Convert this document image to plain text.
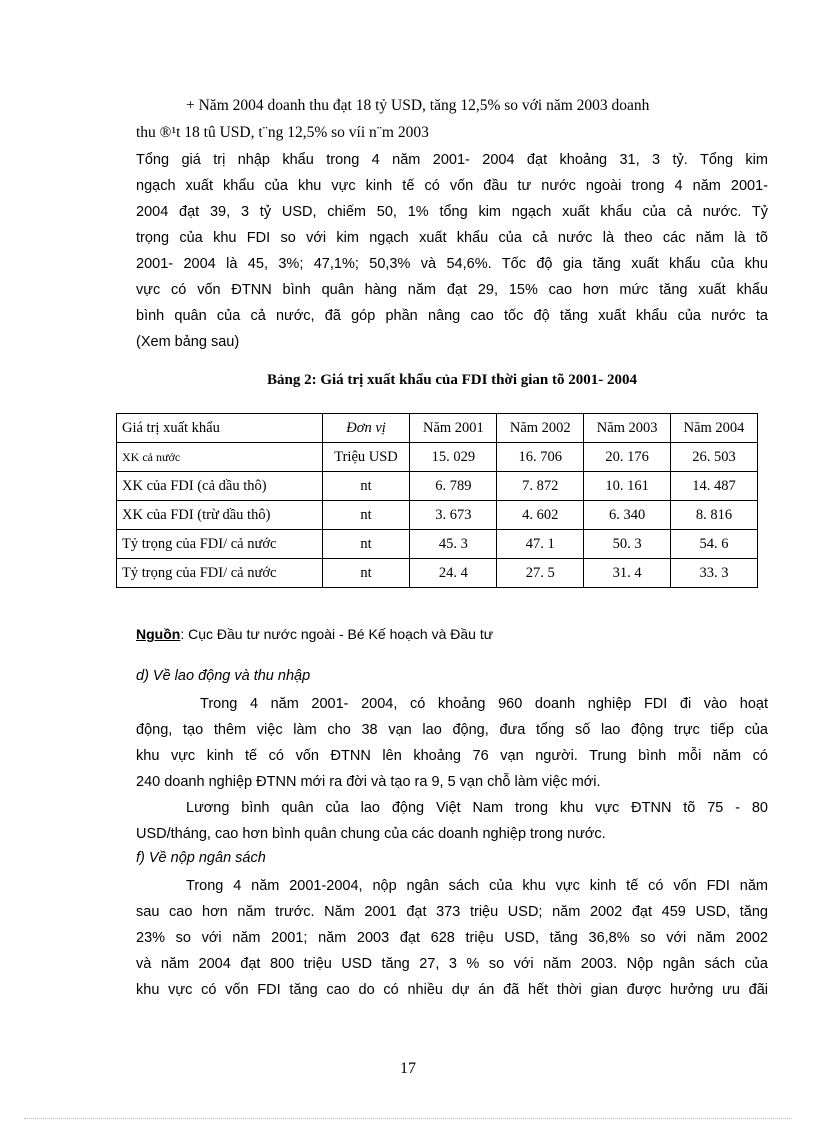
+ Năm 2004 doanh thu đạt 18 tỷ USD, tăng 12,5% so với năm 2003 doanh
thu ®¹t 18 tû USD, t¨ng 12,5% so víi n¨m 2003
Tổng giá trị nhập khẩu trong 4 năm 2001- 2004 đạt khoảng 31, 3 tỷ. Tổng kim
ngạch xuất khẩu của khu vực kinh tế có vốn đầu tư nước ngoài trong 4 năm 2001-
2004 đạt 39, 3 tỷ USD, chiếm 50, 1% tổng kim ngạch xuất khẩu của cả nước. Tỷ
trọng của khu FDI so với kim ngạch xuất khẩu của cả nước là theo các năm là tõ
2001- 2004 là 45, 3%; 47,1%; 50,3% và 54,6%. Tốc độ gia tăng xuất khẩu của khu
vực có vốn ĐTNN bình quân hàng năm đạt 29, 15% cao hơn mức tăng xuất khẩu
bình quân của cả nước, đã góp phần nâng cao tốc độ tăng xuất khẩu của nước ta
(Xem bảng sau)
Bảng 2: Giá trị xuất khẩu của FDI thời gian tõ 2001- 2004
Giá trị xuất khẩu	Đơn vị	Năm 2001	Năm 2002	Năm 2003	Năm 2004
XK cả nước	Triệu USD	15. 029	16. 706	20. 176	26. 503
XK của FDI (cả dầu thô)	nt	6. 789	7. 872	10. 161	14. 487
XK của FDI (trừ dầu thô)	nt	3. 673	4. 602	6. 340	8. 816
Tỷ trọng của FDI/ cả nước	nt	45. 3	47. 1	50. 3	54. 6
Tỷ trọng của FDI/ cả nước	nt	24. 4	27. 5	31. 4	33. 3
Nguồn: Cục Đầu tư nước ngoài - Bé Kế hoạch và Đầu tư
d) Về lao động và thu nhập
Trong 4 năm 2001- 2004, có khoảng 960 doanh nghiệp FDI đi vào hoạt
động, tạo thêm việc làm cho 38 vạn lao động, đưa tổng số lao động trực tiếp của
khu vực kinh tế có vốn ĐTNN lên khoảng 76 vạn người. Trung bình mỗi năm có
240 doanh nghiệp ĐTNN mới ra đời và tạo ra 9, 5 vạn chỗ làm việc mới.
Lương bình quân của lao động Việt Nam trong khu vực ĐTNN tõ 75 - 80
USD/tháng, cao hơn bình quân chung của các doanh nghiệp trong nước.
f) Về nộp ngân sách
Trong 4 năm 2001-2004, nộp ngân sách của khu vực kinh tế có vốn FDI năm
sau cao hơn năm trước. Năm 2001 đạt 373 triệu USD; năm 2002 đạt 459 USD, tăng
23% so với năm 2001; năm 2003 đạt 628 triệu USD, tăng 36,8% so với năm 2002
và năm 2004 đạt 800 triệu USD tăng 27, 3 % so với năm 2003. Nộp ngân sách của
khu vực có vốn FDI tăng cao do có nhiều dự án đã hết thời gian được hưởng ưu đãi
17
